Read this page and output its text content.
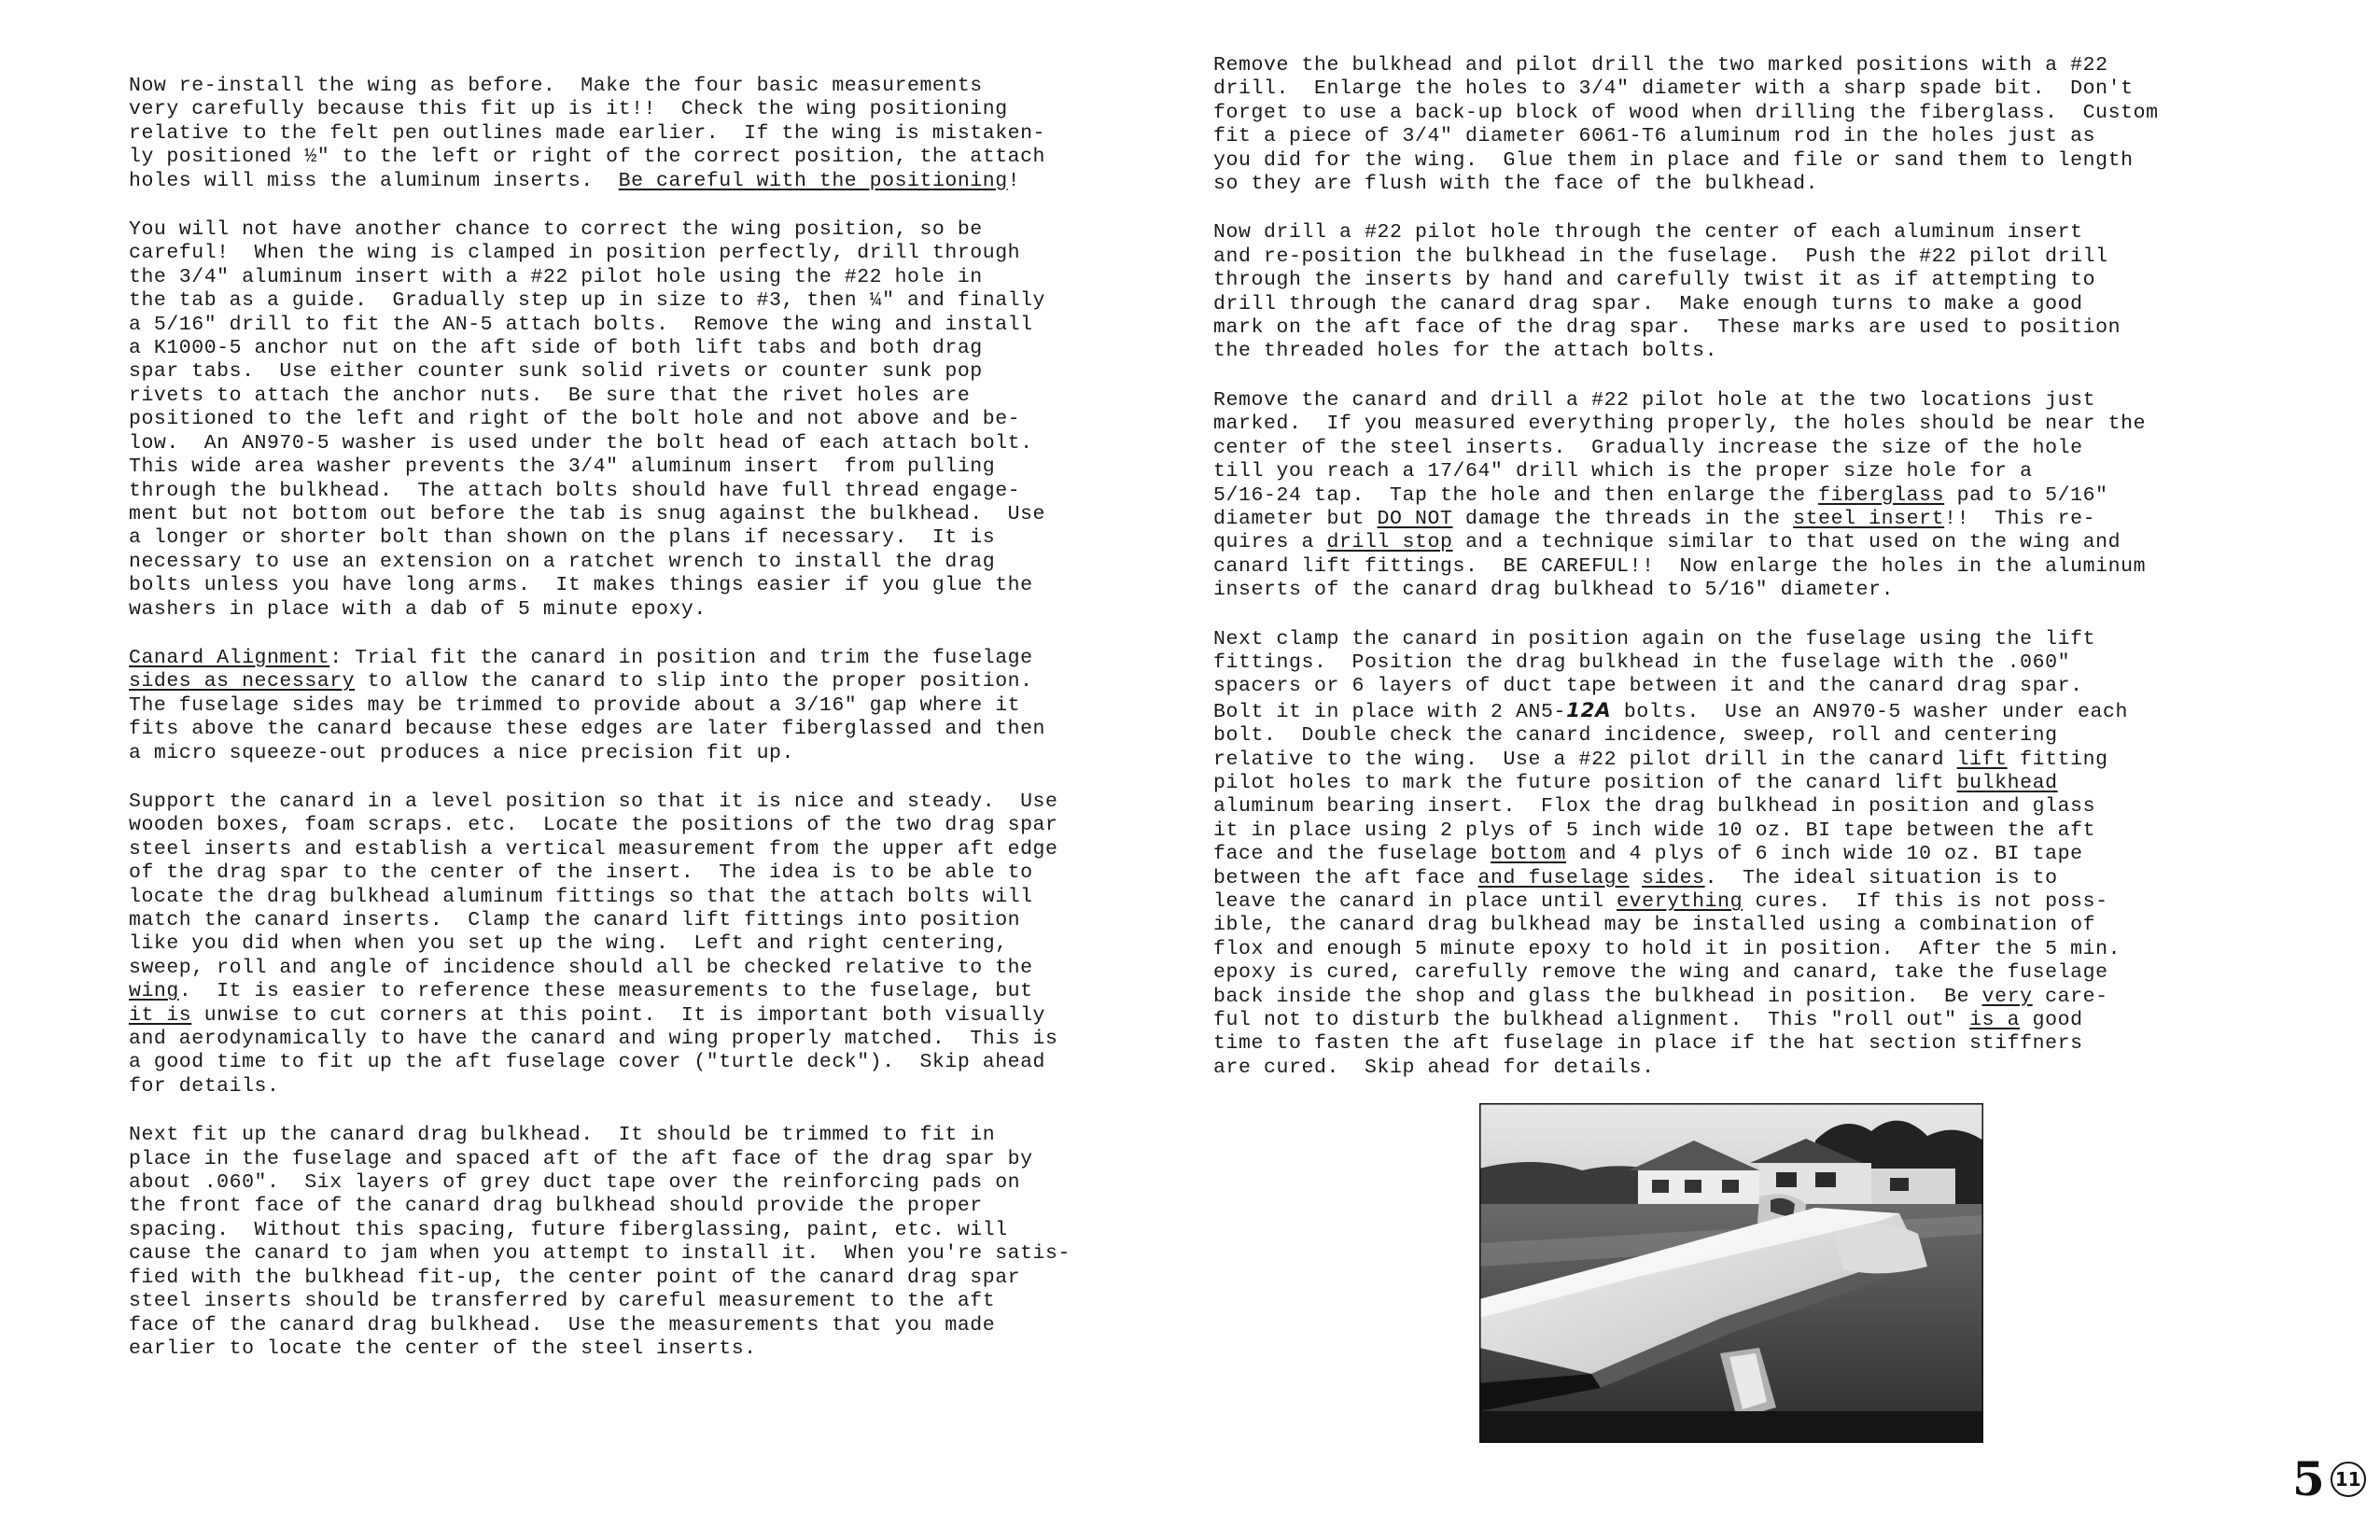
Now re-install the wing as before.  Make the four basic measurements
very carefully because this fit up is it!!  Check the wing positioning
relative to the felt pen outlines made earlier.  If the wing is mistaken-
ly positioned ½" to the left or right of the correct position, the attach
holes will miss the aluminum inserts.  Be careful with the positioning!
You will not have another chance to correct the wing position, so be
careful!  When the wing is clamped in position perfectly, drill through
the 3/4" aluminum insert with a #22 pilot hole using the #22 hole in
the tab as a guide.  Gradually step up in size to #3, then ¼" and finally
a 5/16" drill to fit the AN-5 attach bolts.  Remove the wing and install
a K1000-5 anchor nut on the aft side of both lift tabs and both drag
spar tabs.  Use either counter sunk solid rivets or counter sunk pop
rivets to attach the anchor nuts.  Be sure that the rivet holes are
positioned to the left and right of the bolt hole and not above and be-
low.  An AN970-5 washer is used under the bolt head of each attach bolt.
This wide area washer prevents the 3/4" aluminum insert  from pulling
through the bulkhead.  The attach bolts should have full thread engage-
ment but not bottom out before the tab is snug against the bulkhead.  Use
a longer or shorter bolt than shown on the plans if necessary.  It is
necessary to use an extension on a ratchet wrench to install the drag
bolts unless you have long arms.  It makes things easier if you glue the
washers in place with a dab of 5 minute epoxy.
Canard Alignment: Trial fit the canard in position and trim the fuselage
sides as necessary to allow the canard to slip into the proper position.
The fuselage sides may be trimmed to provide about a 3/16" gap where it
fits above the canard because these edges are later fiberglassed and then
a micro squeeze-out produces a nice precision fit up.
Support the canard in a level position so that it is nice and steady.  Use
wooden boxes, foam scraps. etc.  Locate the positions of the two drag spar
steel inserts and establish a vertical measurement from the upper aft edge
of the drag spar to the center of the insert.  The idea is to be able to
locate the drag bulkhead aluminum fittings so that the attach bolts will
match the canard inserts.  Clamp the canard lift fittings into position
like you did when when you set up the wing.  Left and right centering,
sweep, roll and angle of incidence should all be checked relative to the
wing.  It is easier to reference these measurements to the fuselage, but
it is unwise to cut corners at this point.  It is important both visually
and aerodynamically to have the canard and wing properly matched.  This is
a good time to fit up the aft fuselage cover ("turtle deck").  Skip ahead
for details.
Next fit up the canard drag bulkhead.  It should be trimmed to fit in
place in the fuselage and spaced aft of the aft face of the drag spar by
about .060".  Six layers of grey duct tape over the reinforcing pads on
the front face of the canard drag bulkhead should provide the proper
spacing.  Without this spacing, future fiberglassing, paint, etc. will
cause the canard to jam when you attempt to install it.  When you're satis-
fied with the bulkhead fit-up, the center point of the canard drag spar
steel inserts should be transferred by careful measurement to the aft
face of the canard drag bulkhead.  Use the measurements that you made
earlier to locate the center of the steel inserts.
Remove the bulkhead and pilot drill the two marked positions with a #22
drill.  Enlarge the holes to 3/4" diameter with a sharp spade bit.  Don't
forget to use a back-up block of wood when drilling the fiberglass.  Custom
fit a piece of 3/4" diameter 6061-T6 aluminum rod in the holes just as
you did for the wing.  Glue them in place and file or sand them to length
so they are flush with the face of the bulkhead.
Now drill a #22 pilot hole through the center of each aluminum insert
and re-position the bulkhead in the fuselage.  Push the #22 pilot drill
through the inserts by hand and carefully twist it as if attempting to
drill through the canard drag spar.  Make enough turns to make a good
mark on the aft face of the drag spar.  These marks are used to position
the threaded holes for the attach bolts.
Remove the canard and drill a #22 pilot hole at the two locations just
marked.  If you measured everything properly, the holes should be near the
center of the steel inserts.  Gradually increase the size of the hole
till you reach a 17/64" drill which is the proper size hole for a
5/16-24 tap.  Tap the hole and then enlarge the fiberglass pad to 5/16"
diameter but DO NOT damage the threads in the steel insert!!  This re-
quires a drill stop and a technique similar to that used on the wing and
canard lift fittings.  BE CAREFUL!!  Now enlarge the holes in the aluminum
inserts of the canard drag bulkhead to 5/16" diameter.
Next clamp the canard in position again on the fuselage using the lift
fittings.  Position the drag bulkhead in the fuselage with the .060"
spacers or 6 layers of duct tape between it and the canard drag spar.
Bolt it in place with 2 AN5-12A bolts.  Use an AN970-5 washer under each
bolt.  Double check the canard incidence, sweep, roll and centering
relative to the wing.  Use a #22 pilot drill in the canard lift fitting
pilot holes to mark the future position of the canard lift bulkhead
aluminum bearing insert.  Flox the drag bulkhead in position and glass
it in place using 2 plys of 5 inch wide 10 oz. BI tape between the aft
face and the fuselage bottom and 4 plys of 6 inch wide 10 oz. BI tape
between the aft face and fuselage sides.  The ideal situation is to
leave the canard in place until everything cures.  If this is not poss-
ible, the canard drag bulkhead may be installed using a combination of
flox and enough 5 minute epoxy to hold it in position.  After the 5 min.
epoxy is cured, carefully remove the wing and canard, take the fuselage
back inside the shop and glass the bulkhead in position.  Be very care-
ful not to disturb the bulkhead alignment.  This "roll out" is a good
time to fasten the aft fuselage in place if the hat section stiffners
are cured.  Skip ahead for details.
5 11
